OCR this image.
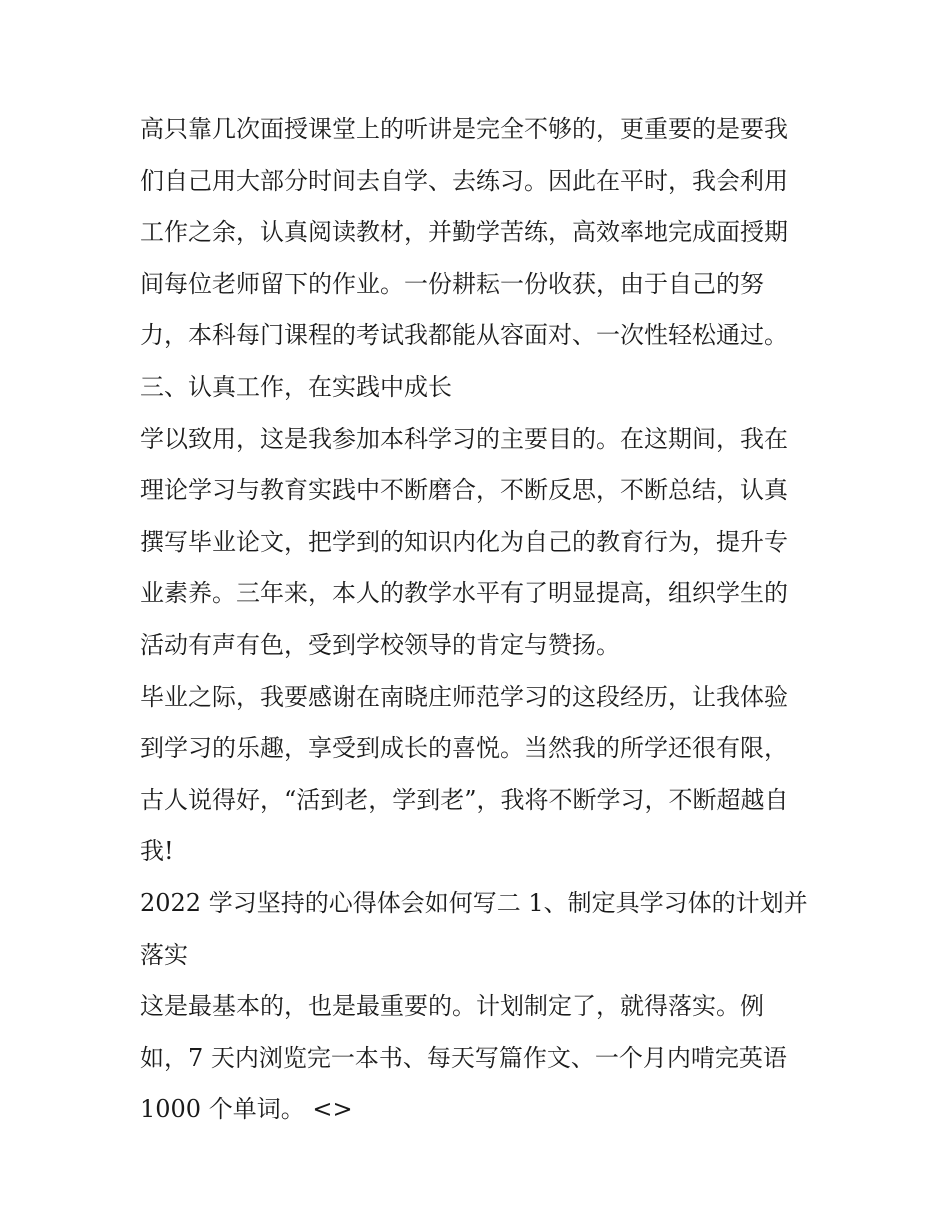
高只靠几次面授课堂上的听讲是完全不够的，更重要的是要我
们自己用大部分时间去自学、去练习。因此在平时，我会利用
工作之余，认真阅读教材，并勤学苦练，高效率地完成面授期
间每位老师留下的作业。一份耕耘一份收获，由于自己的努
力，本科每门课程的考试我都能从容面对、一次性轻松通过。
三、认真工作，在实践中成长
学以致用，这是我参加本科学习的主要目的。在这期间，我在
理论学习与教育实践中不断磨合，不断反思，不断总结，认真
撰写毕业论文，把学到的知识内化为自己的教育行为，提升专
业素养。三年来，本人的教学水平有了明显提高，组织学生的
活动有声有色，受到学校领导的肯定与赞扬。
毕业之际，我要感谢在南晓庄师范学习的这段经历，让我体验
到学习的乐趣，享受到成长的喜悦。当然我的所学还很有限，
古人说得好，“活到老，学到老”，我将不断学习，不断超越自
我!
2022 学习坚持的心得体会如何写二 1、制定具学习体的计划并
落实
这是最基本的，也是最重要的。计划制定了，就得落实。例
如，7 天内浏览完一本书、每天写篇作文、一个月内啃完英语
1000 个单词。 <>
